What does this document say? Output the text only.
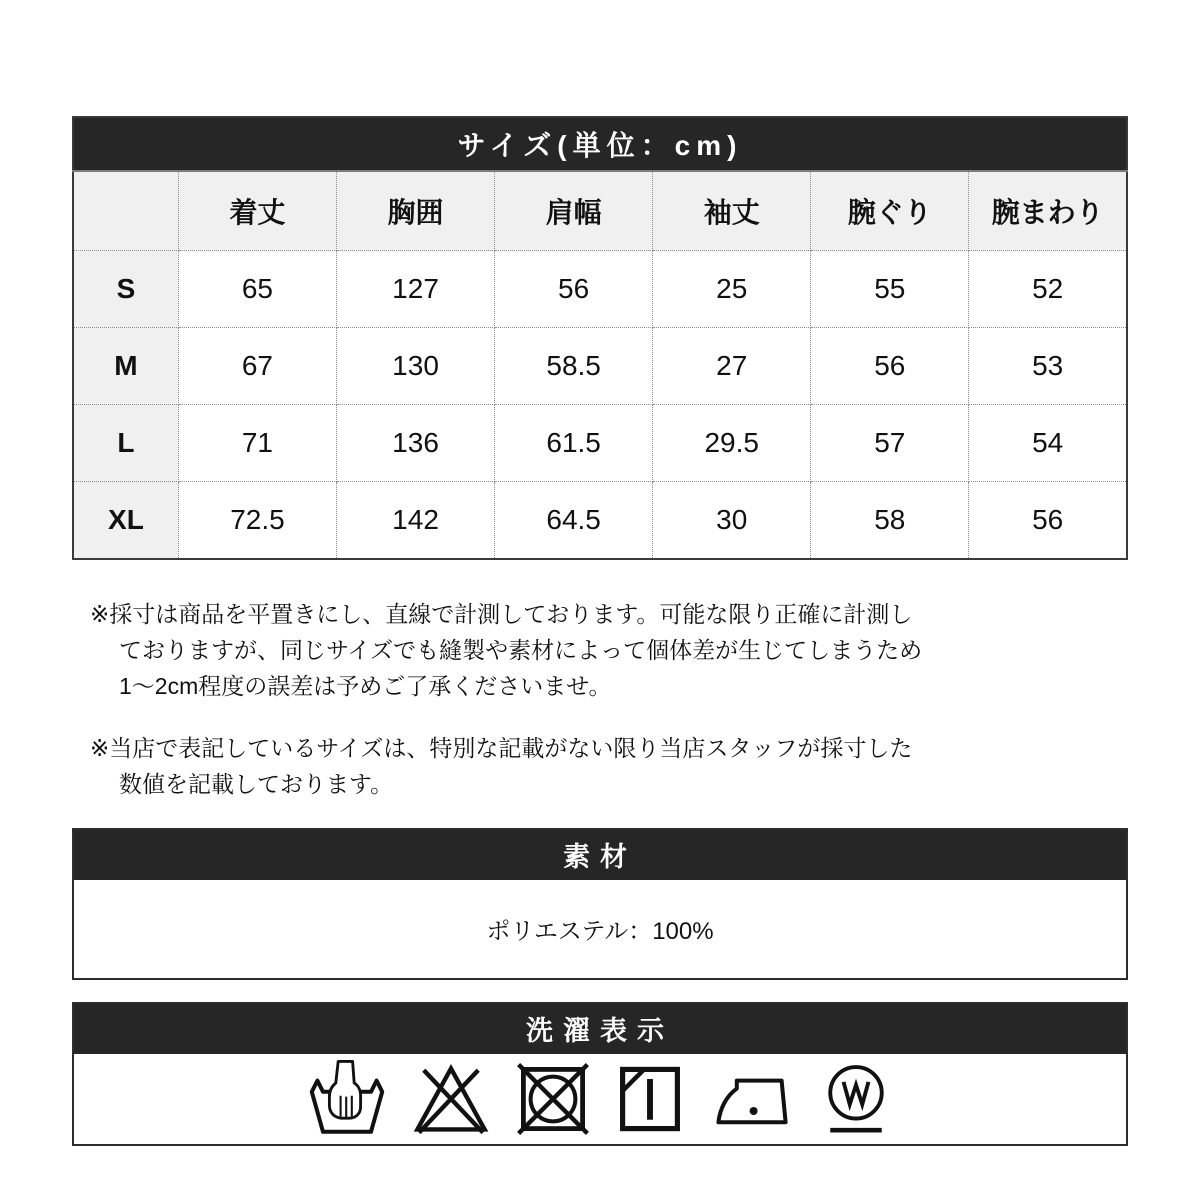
サイズ(単位：cm)						
	着丈	胸囲	肩幅	袖丈	腕ぐり	腕まわり
S	65	127	56	25	55	52
M	67	130	58.5	27	56	53
L	71	136	61.5	29.5	57	54
XL	72.5	142	64.5	30	58	56
※採寸は商品を平置きにし、直線で計測しております。可能な限り正確に計測し
ておりますが、同じサイズでも縫製や素材によって個体差が生じてしまうため
1〜2cm程度の誤差は予めご了承くださいませ。
※当店で表記しているサイズは、特別な記載がない限り当店スタッフが採寸した
数値を記載しております。
素材
ポリエステル：100%
洗濯表示
